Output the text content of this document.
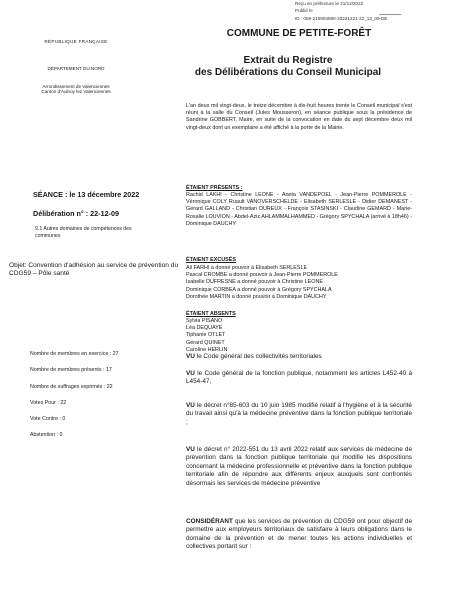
Reçu en préfecture le 21/12/2022
Publié le
ID : 059-215904590-20221221-22_12_09-DE
RÉPUBLIQUE FRANÇAISE
DÉPARTEMENT DU NORD
Arrondissement de Valenciennes
Canton d'Aulnoy lez Valenciennes
COMMUNE DE PETITE-FORÊT
Extrait du Registre
des Délibérations du Conseil Municipal
L'an deux mil vingt-deux, le treize décembre à dix-huit heures trente le Conseil municipal s'est réuni à la salle du Conseil (Jules Mousseron), en séance publique sous la présidence de Sandrine GOBBERT, Maire, en suite de la convocation en date du sept décembre deux mil vingt-deux dont un exemplaire a été affiché à la porte de la Mairie.
SÉANCE : le 13 décembre 2022
Délibération n° : 22-12-09
9.1 Autres domaines de compétences des communes
Objet: Convention d'adhésion au service de prévention du CDG59 – Pôle santé
ÉTAIENT PRÉSENTS :
Rachid LAKHI - Christine LEONE - Aneta VANDEPOEL - Jean-Pierre POMMEROLE - Véronique COLY Ruault VANOVERSCHELDE - Elisabeth SERLESLE - Didier DEMANEST - Gérard GALLAND - Christian DUREUX - François STASINSKI - Claudine GEMARD - Marie-Rosalie LOUVION - Abdel-Aziz AHLAMMALHAMMED - Grégory SPYCHALA (arrivé à 18h46) - Dominique DAUCHY
ÉTAIENT EXCUSÉS
Ali FARHI a donné pouvoir à Elisabeth SERLESLE
Pascal CROMBE a donné pouvoir à Jean-Pierre POMMEROLE
Isabelle DUFRESNE a donné pouvoir à Christine LEONE
Dominique CORBEA a donné pouvoir à Grégory SPYCHALA
Dorothée MARTIN a donné pouvoir à Dominique DAUCHY
ÉTAIENT ABSENTS
Sylvia PISANO
Léa DEQUAYE
Tiphanie OTLET
Gérard QUINET
Caroline HERLIN
Nombre de membres en exercice : 27
Nombre de membres présents : 17
Nombre de suffrages exprimés : 22
Votes Pour : 22
Vote Contre : 0
Abstention : 0
VU le Code général des collectivités territoriales
VU le Code général de la fonction publique, notamment les articles L452-40 à L454-47,
VU le décret n°85-603 du 10 juin 1985 modifié relatif à l'hygiène et à la sécurité du travail ainsi qu'à la médecine préventive dans la fonction publique territoriale ;
VU le décret n° 2022-551 du 13 avril 2022 relatif aux services de médecine de prévention dans la fonction publique territoriale qui modifie les dispositions concernant la médecine professionnelle et préventive dans la fonction publique territoriale afin de répondre aux différents enjeux auxquels sont confrontés désormais les services de médecine préventive
CONSIDÉRANT que les services de prévention du CDG59 ont pour objectif de permettre aux employeurs territoriaux de satisfaire à leurs obligations dans le domaine de la prévention et de mener toutes les actions individuelles et collectives portant sur :
